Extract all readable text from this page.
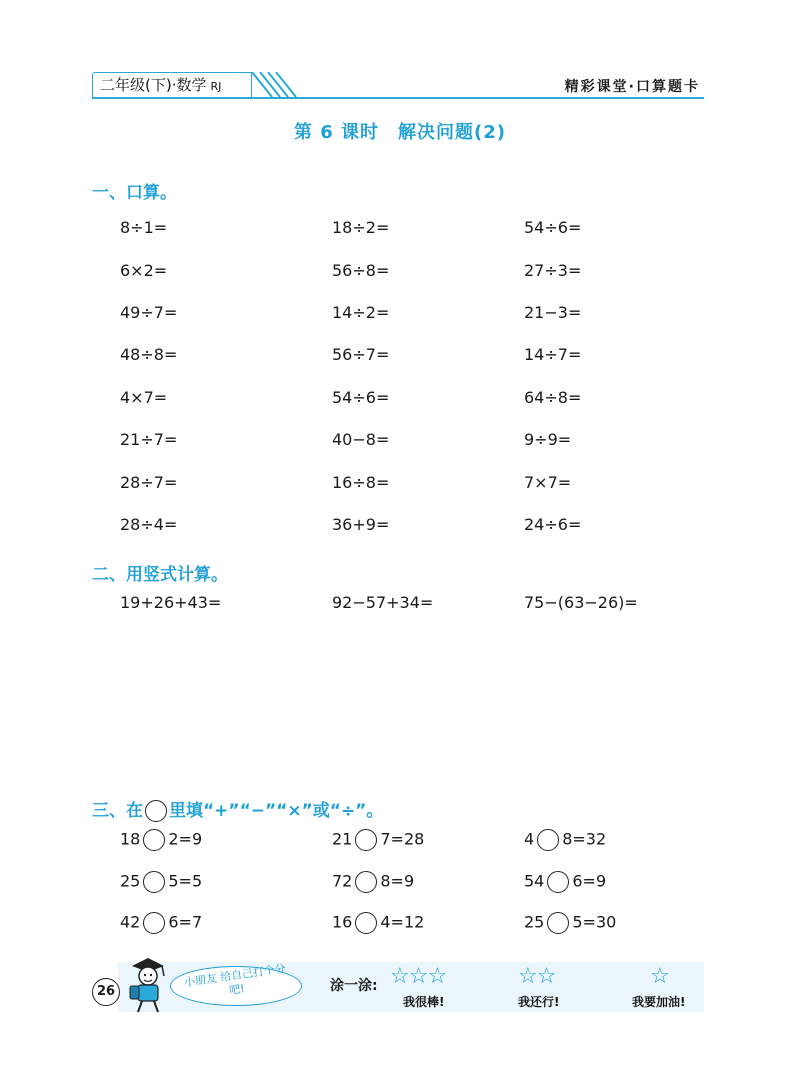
二年级(下)·数学 RJ	精彩课堂·口算题卡
第 6 课时　解决问题(2)
一、口算。
8÷1=	18÷2=	54÷6=
6×2=	56÷8=	27÷3=
49÷7=	14÷2=	21−3=
48÷8=	56÷7=	14÷7=
4×7=	54÷6=	64÷8=
21÷7=	40−8=	9÷9=
28÷7=	16÷8=	7×7=
28÷4=	36+9=	24÷6=
二、用竖式计算。
19+26+43=	92−57+34=	75−(63−26)=
三、在 里填“+”“−”“×”或“÷”。
18 2=9	21 7=28	4 8=32
25 5=5	72 8=9	54 6=9
42 6=7	16 4=12	25 5=30
26
小朋友 给自己打个分吧!	涂一涂: ☆☆☆
我很棒!
☆☆
我还行!
☆
我要加油!
